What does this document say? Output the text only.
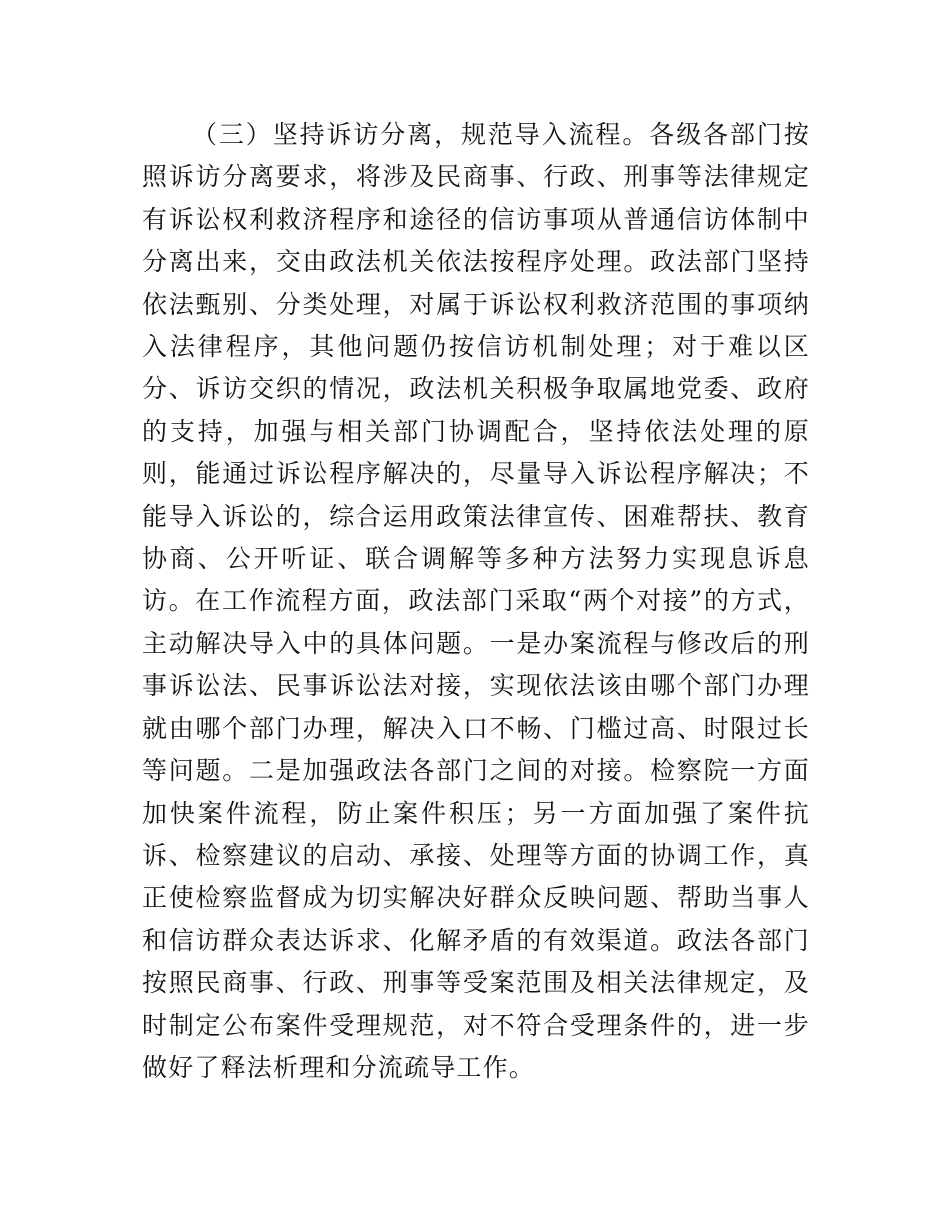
（三）坚持诉访分离，规范导入流程。各级各部门按照诉访分离要求，将涉及民商事、行政、刑事等法律规定有诉讼权利救济程序和途径的信访事项从普通信访体制中分离出来，交由政法机关依法按程序处理。政法部门坚持依法甄别、分类处理，对属于诉讼权利救济范围的事项纳入法律程序，其他问题仍按信访机制处理；对于难以区分、诉访交织的情况，政法机关积极争取属地党委、政府的支持，加强与相关部门协调配合，坚持依法处理的原则，能通过诉讼程序解决的，尽量导入诉讼程序解决；不能导入诉讼的，综合运用政策法律宣传、困难帮扶、教育协商、公开听证、联合调解等多种方法努力实现息诉息访。在工作流程方面，政法部门采取“两个对接”的方式，主动解决导入中的具体问题。一是办案流程与修改后的刑事诉讼法、民事诉讼法对接，实现依法该由哪个部门办理就由哪个部门办理，解决入口不畅、门槛过高、时限过长等问题。二是加强政法各部门之间的对接。检察院一方面加快案件流程，防止案件积压；另一方面加强了案件抗诉、检察建议的启动、承接、处理等方面的协调工作，真正使检察监督成为切实解决好群众反映问题、帮助当事人和信访群众表达诉求、化解矛盾的有效渠道。政法各部门按照民商事、行政、刑事等受案范围及相关法律规定，及时制定公布案件受理规范，对不符合受理条件的，进一步做好了释法析理和分流疏导工作。
